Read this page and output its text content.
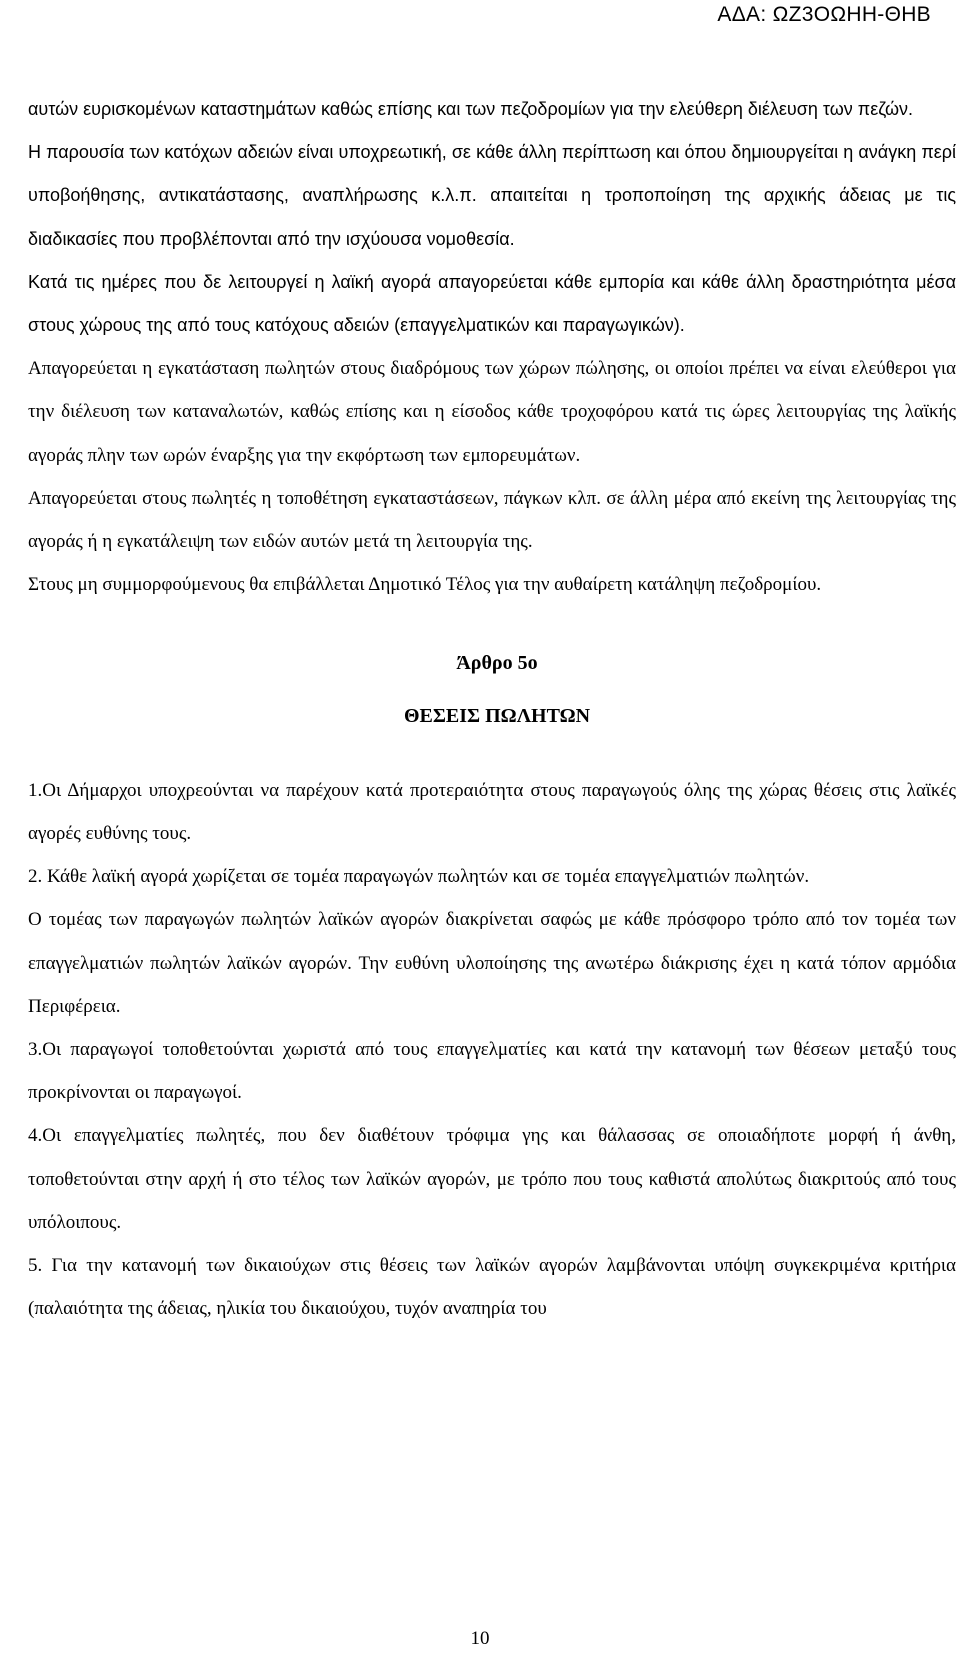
ΑΔΑ: ΩΖ3ΟΩΗΗ-ΘΗΒ

αυτών ευρισκομένων καταστημάτων καθώς επίσης και των πεζοδρομίων για την ελεύθερη διέλευση των πεζών.

Η παρουσία των κατόχων αδειών είναι υποχρεωτική, σε κάθε άλλη περίπτωση και όπου δημιουργείται η ανάγκη περί υποβοήθησης, αντικατάστασης, αναπλήρωσης κ.λ.π. απαιτείται η τροποποίηση της αρχικής άδειας με τις διαδικασίες που προβλέπονται από την ισχύουσα νομοθεσία.

Κατά τις ημέρες που δε λειτουργεί η λαϊκή αγορά απαγορεύεται κάθε εμπορία και κάθε άλλη δραστηριότητα μέσα στους χώρους της από τους κατόχους αδειών (επαγγελματικών και παραγωγικών).

Απαγορεύεται η εγκατάσταση πωλητών στους διαδρόμους των χώρων πώλησης, οι οποίοι πρέπει να είναι ελεύθεροι για την διέλευση των καταναλωτών, καθώς επίσης και η είσοδος κάθε τροχοφόρου κατά τις ώρες λειτουργίας της λαϊκής αγοράς πλην των ωρών έναρξης για την εκφόρτωση των εμπορευμάτων.

Απαγορεύεται στους πωλητές η τοποθέτηση εγκαταστάσεων, πάγκων κλπ. σε άλλη μέρα από εκείνη της λειτουργίας της αγοράς ή η εγκατάλειψη των ειδών αυτών μετά τη λειτουργία της.

Στους μη συμμορφούμενους θα επιβάλλεται Δημοτικό Τέλος για την αυθαίρετη κατάληψη πεζοδρομίου.

Άρθρο 5ο

ΘΕΣΕΙΣ ΠΩΛΗΤΩΝ

1.Οι Δήμαρχοι υποχρεούνται να παρέχουν κατά προτεραιότητα στους παραγωγούς όλης της χώρας θέσεις στις λαϊκές αγορές ευθύνης τους.

2. Κάθε λαϊκή αγορά χωρίζεται σε τομέα παραγωγών πωλητών και σε τομέα επαγγελματιών πωλητών.

Ο τομέας των παραγωγών πωλητών λαϊκών αγορών διακρίνεται σαφώς με κάθε πρόσφορο τρόπο από τον τομέα των επαγγελματιών πωλητών λαϊκών αγορών. Την ευθύνη υλοποίησης της ανωτέρω διάκρισης έχει η κατά τόπον αρμόδια Περιφέρεια.

3.Οι παραγωγοί τοποθετούνται χωριστά από τους επαγγελματίες και κατά την κατανομή των θέσεων μεταξύ τους προκρίνονται οι παραγωγοί.

4.Οι επαγγελματίες πωλητές, που δεν διαθέτουν τρόφιμα γης και θάλασσας σε οποιαδήποτε μορφή ή άνθη, τοποθετούνται στην αρχή ή στο τέλος των λαϊκών αγορών, με τρόπο που τους καθιστά απολύτως διακριτούς από τους υπόλοιπους.

5. Για την κατανομή των δικαιούχων στις θέσεις των λαϊκών αγορών λαμβάνονται υπόψη συγκεκριμένα κριτήρια (παλαιότητα της άδειας, ηλικία του δικαιούχου, τυχόν αναπηρία του

10
